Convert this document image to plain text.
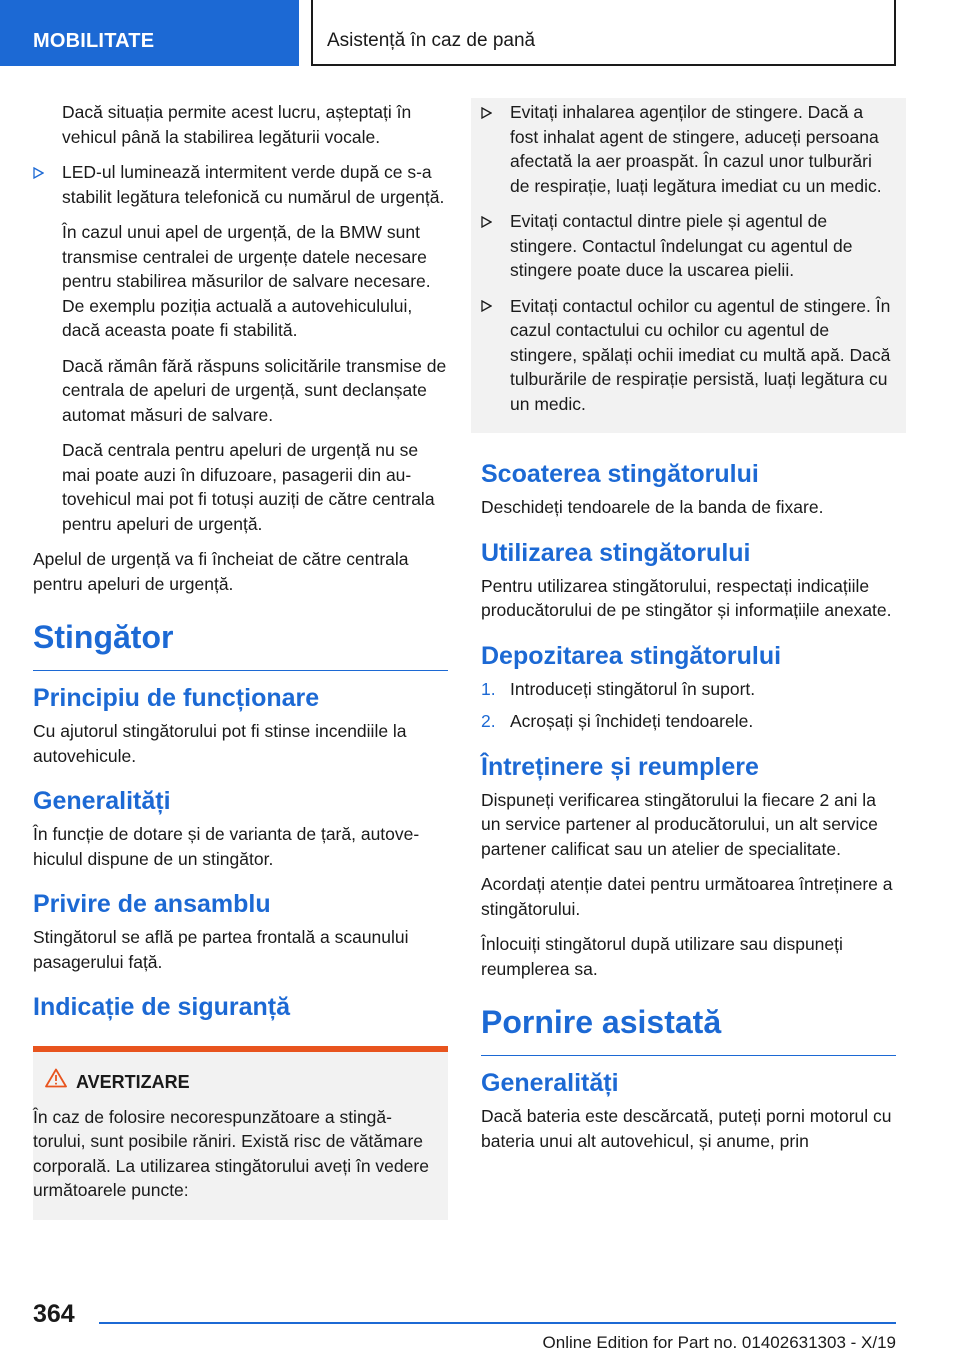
MOBILITATE	Asistență în caz de pană

Dacă situația permite acest lucru, așteptați în vehicul până la stabilirea legăturii vocale.

LED-ul luminează intermitent verde după ce s-a stabilit legătura telefonică cu numărul de urgență.

În cazul unui apel de urgență, de la BMW sunt transmise centralei de urgențe datele necesare pentru stabilirea măsurilor de salvare necesare. De exemplu poziția actuală a autovehiculului, dacă aceasta poate fi stabilită.

Dacă rămân fără răspuns solicitările transmise de centrala de apeluri de urgență, sunt declanșate automat măsuri de salvare.

Dacă centrala pentru apeluri de urgență nu se mai poate auzi în difuzoare, pasagerii din autovehicul mai pot fi totuși auziți de către centrala pentru apeluri de urgență.

Apelul de urgență va fi încheiat de către centrala pentru apeluri de urgență.

Stingător
Principiu de funcționare

Cu ajutorul stingătorului pot fi stinse incendiile la autovehicule.

Generalități

În funcție de dotare și de varianta de țară, autovehiculul dispune de un stingător.

Privire de ansamblu

Stingătorul se află pe partea frontală a scaunului pasagerului față.

Indicație de siguranță
AVERTIZARE

În caz de folosire necorespunzătoare a stingătorului, sunt posibile răniri. Există risc de vătămare corporală. La utilizarea stingătorului aveți în vedere următoarele puncte:

Evitați inhalarea agenților de stingere. Dacă a fost inhalat agent de stingere, aduceți persoana afectată la aer proaspăt. În cazul unor tulburări de respirație, luați legătura imediat cu un medic.
Evitați contactul dintre piele și agentul de stingere. Contactul îndelungat cu agentul de stingere poate duce la uscarea pielii.
Evitați contactul ochilor cu agentul de stingere. În cazul contactului cu ochilor cu agentul de stingere, spălați ochii imediat cu multă apă. Dacă tulburările de respirație persistă, luați legătura cu un medic.
Scoaterea stingătorului

Deschideți tendoarele de la banda de fixare.

Utilizarea stingătorului

Pentru utilizarea stingătorului, respectați indicațiile producătorului de pe stingător și informațiile anexate.

Depozitarea stingătorului
1. Introduceți stingătorul în suport.
2. Acroșați și închideți tendoarele.
Întreținere și reumplere

Dispuneți verificarea stingătorului la fiecare 2 ani la un service partener al producătorului, un alt service partener calificat sau un atelier de specialitate.

Acordați atenție datei pentru următoarea întreținere a stingătorului.

Înlocuiți stingătorul după utilizare sau dispuneți reumplerea sa.

Pornire asistată
Generalități

Dacă bateria este descărcată, puteți porni motorul cu bateria unui alt autovehicul, și anume, prin

364
Online Edition for Part no. 01402631303 - X/19
